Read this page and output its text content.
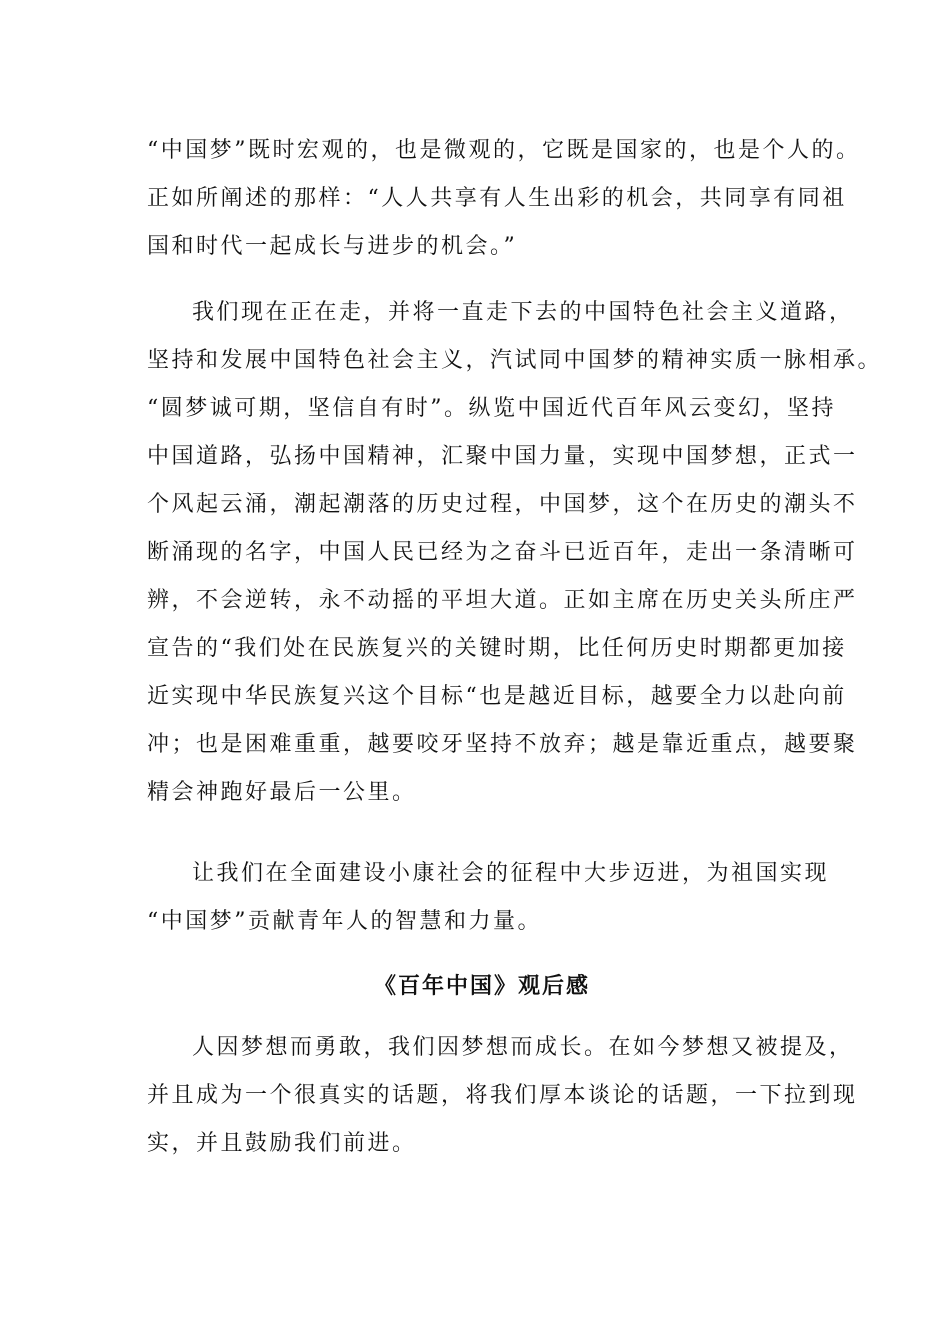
“中国梦”既时宏观的，也是微观的，它既是国家的，也是个人的。
正如所阐述的那样：“人人共享有人生出彩的机会，共同享有同祖
国和时代一起成长与进步的机会。”
我们现在正在走，并将一直走下去的中国特色社会主义道路，
坚持和发展中国特色社会主义，汽试同中国梦的精神实质一脉相承。
“圆梦诚可期，坚信自有时”。纵览中国近代百年风云变幻，坚持
中国道路，弘扬中国精神，汇聚中国力量，实现中国梦想，正式一
个风起云涌，潮起潮落的历史过程，中国梦，这个在历史的潮头不
断涌现的名字，中国人民已经为之奋斗已近百年，走出一条清晰可
辨，不会逆转，永不动摇的平坦大道。正如主席在历史关头所庄严
宣告的“我们处在民族复兴的关键时期，比任何历史时期都更加接
近实现中华民族复兴这个目标“也是越近目标，越要全力以赴向前
冲；也是困难重重，越要咬牙坚持不放弃；越是靠近重点，越要聚
精会神跑好最后一公里。
让我们在全面建设小康社会的征程中大步迈进，为祖国实现
“中国梦”贡献青年人的智慧和力量。
《百年中国》观后感
人因梦想而勇敢，我们因梦想而成长。在如今梦想又被提及，
并且成为一个很真实的话题，将我们厚本谈论的话题，一下拉到现
实，并且鼓励我们前进。
